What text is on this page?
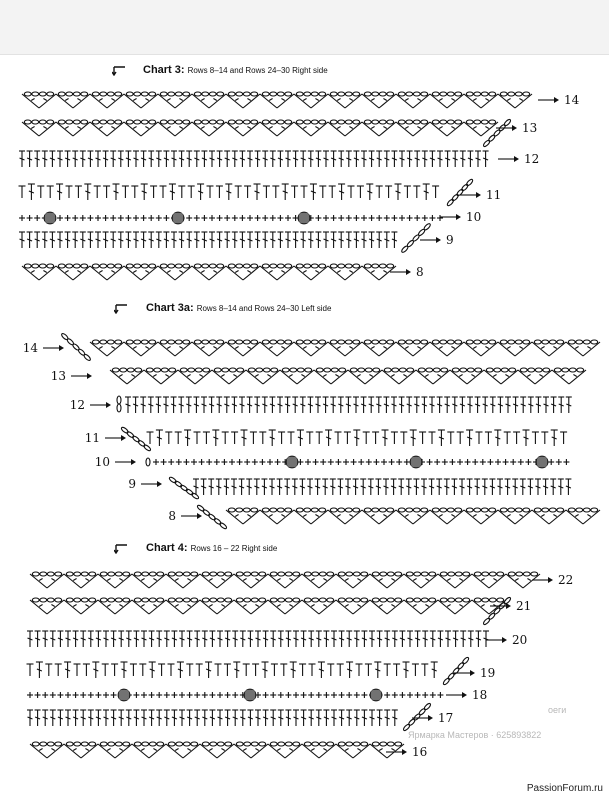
Chart 3: Rows 8–14 and Rows 24–30 Right side
Chart 3a: Rows 8–14 and Rows 24–30 Left side
Chart 4: Rows 16 – 22 Right side
14
13
12
11
10
9
8
14
13
12
11
10
9
8
22
21
20
19
18
17
16
оеги
Ярмарка Мастеров · 625893822
PassionForum.ru
